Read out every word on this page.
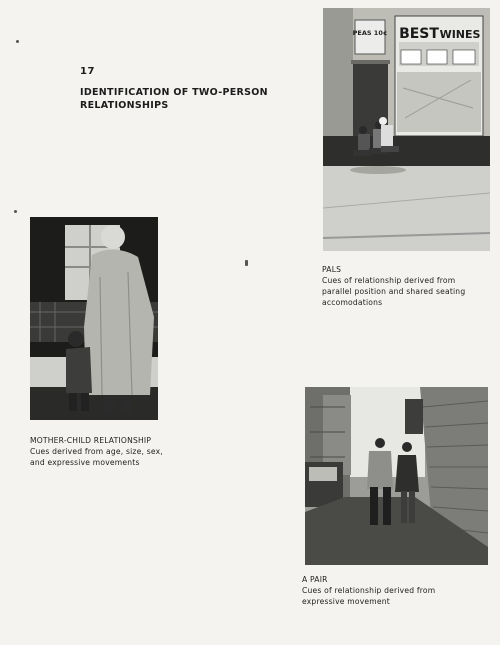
17
IDENTIFICATION OF TWO-PERSON RELATIONSHIPS
PEAS 10¢ BEST WINES
PALS
Cues of relationship derived from parallel position and shared seating accomodations
MOTHER-CHILD RELATIONSHIP
Cues derived from age, size, sex, and expressive movements
A PAIR
Cues of relationship derived from expressive movement
